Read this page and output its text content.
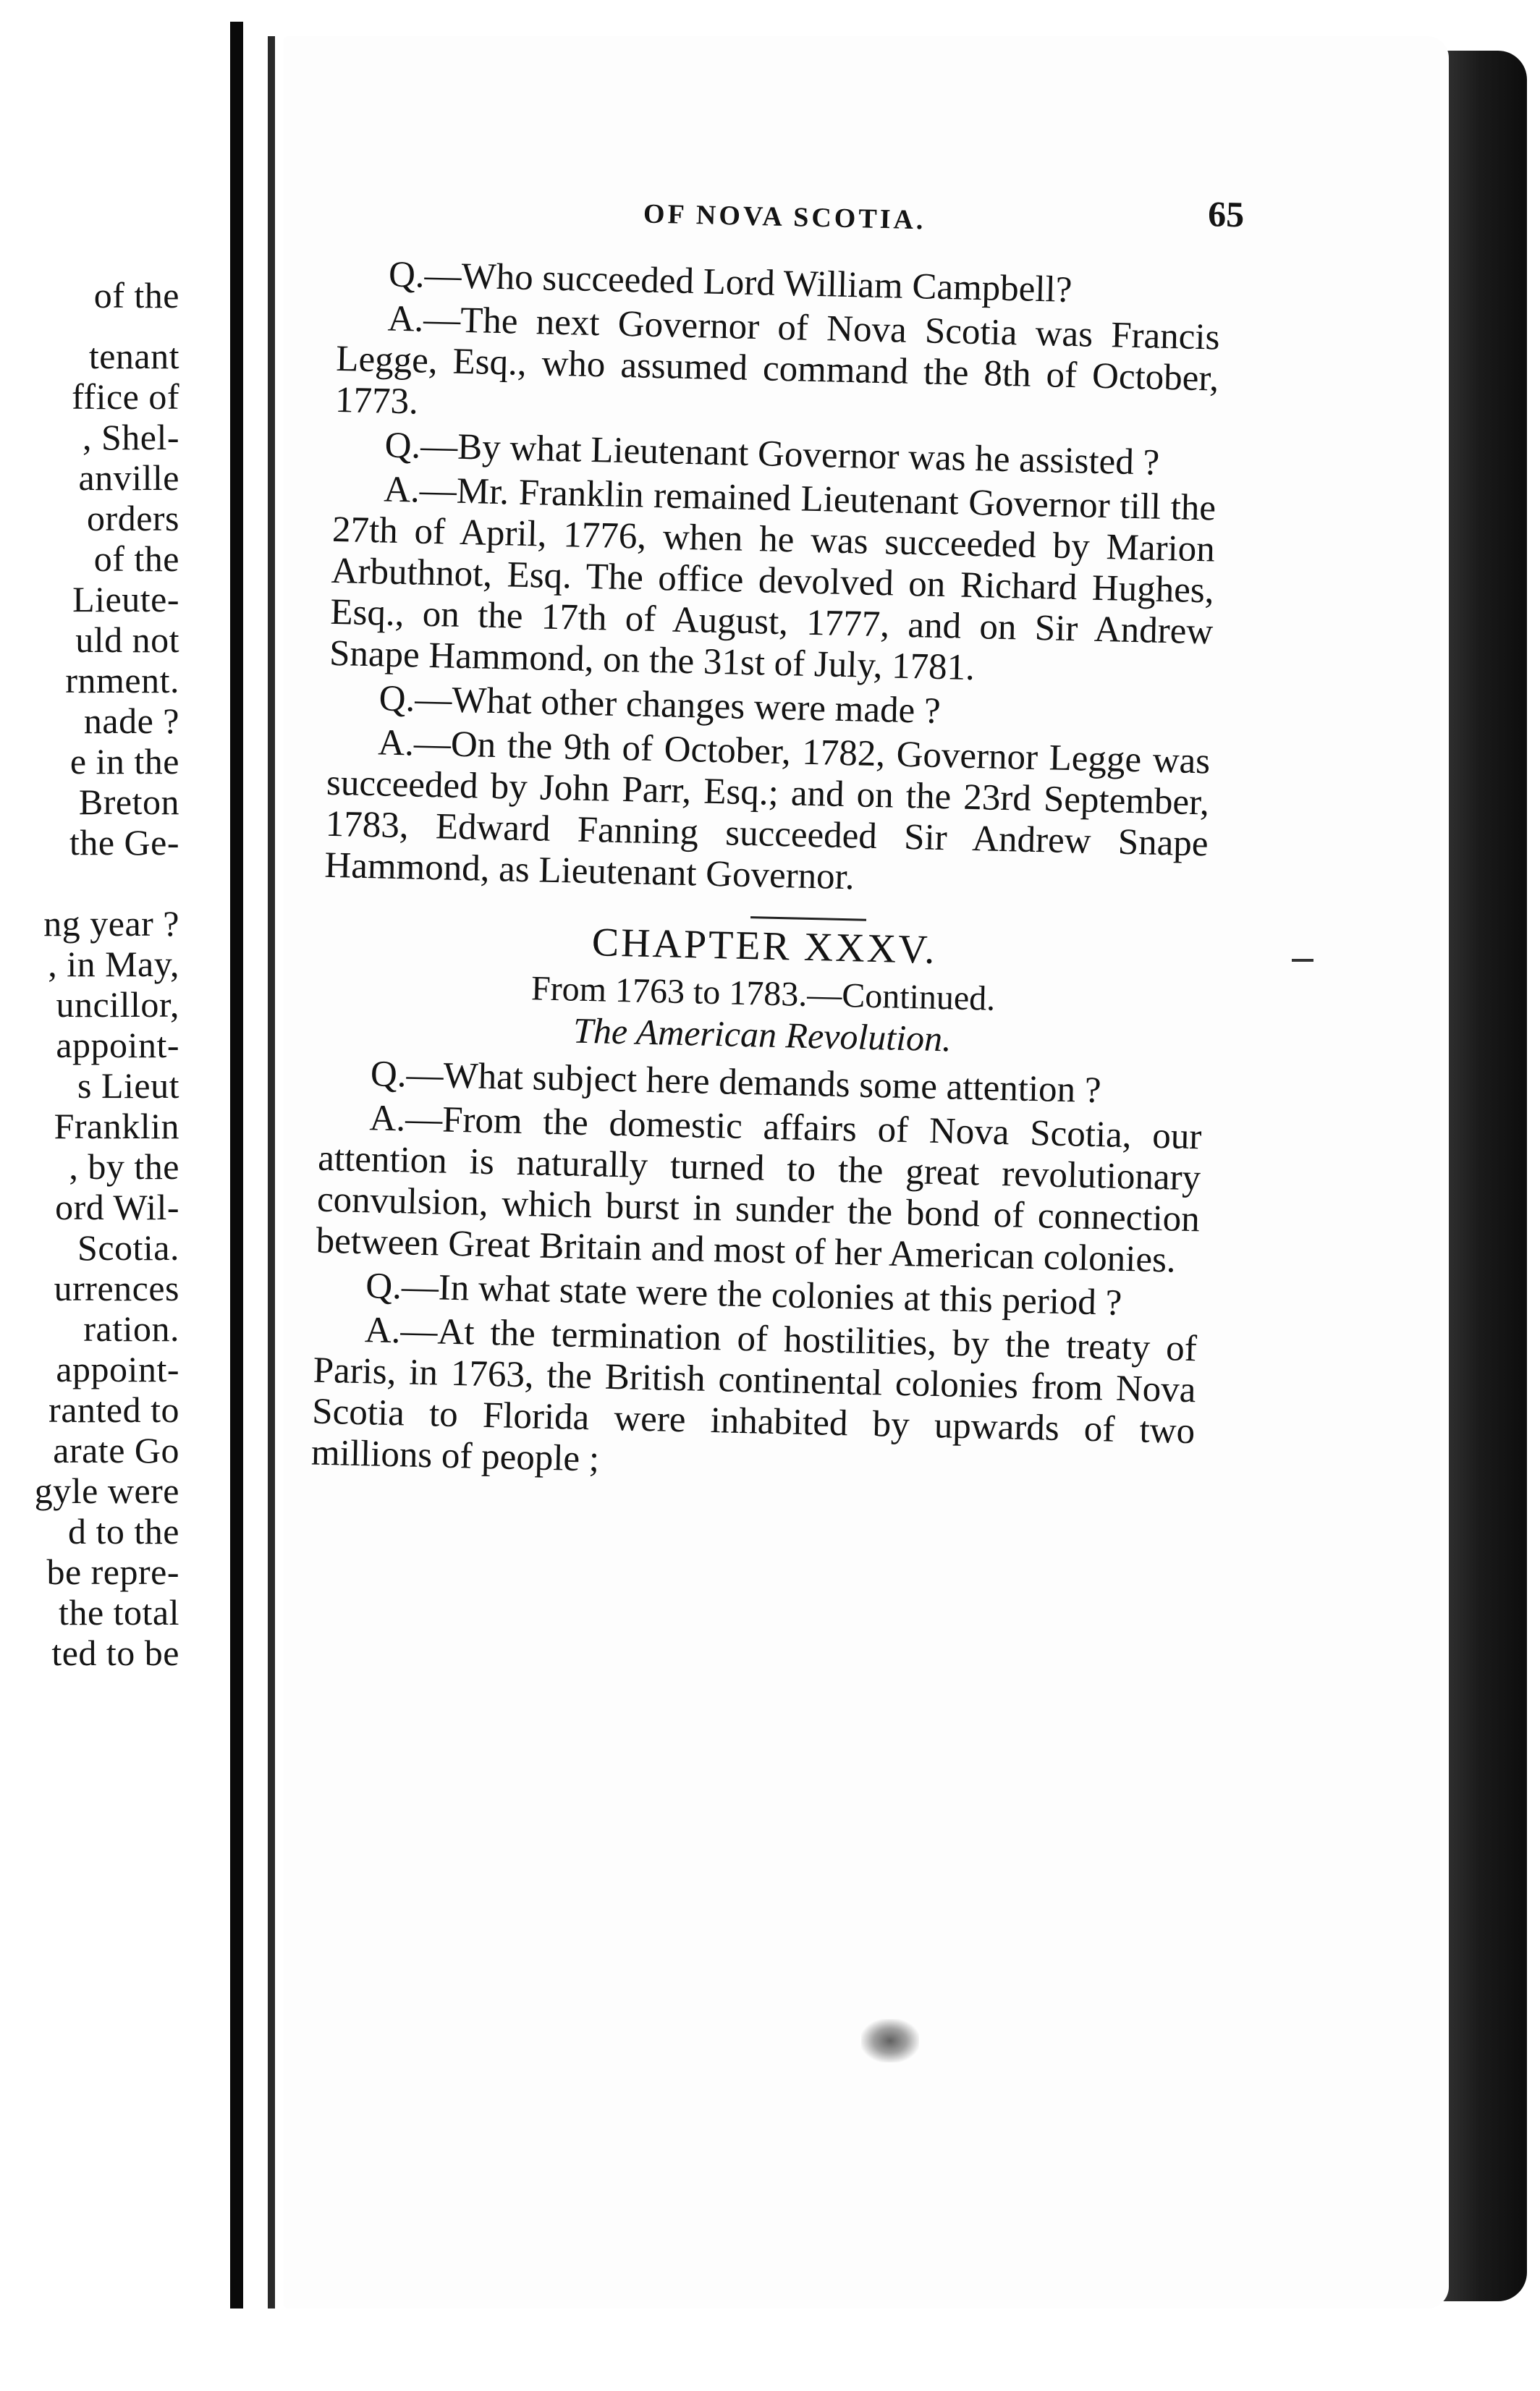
of the
tenant
ffice of
, Shel-
anville
orders
of the
Lieute-
uld not
rnment.
nade ?
e in the
Breton
the Ge-
ng year ?
, in May,
uncillor,
appoint-
s Lieut
Franklin
, by the
ord Wil-
Scotia.
urrences
ration.
appoint-
ranted to
arate Go
gyle were
d to the
be repre-
the total
ted to be
OF NOVA SCOTIA.	65

Q.—Who succeeded Lord William Campbell?

A.—The next Governor of Nova Scotia was Francis Legge, Esq., who assumed command the 8th of October, 1773.

Q.—By what Lieutenant Governor was he assisted ?

A.—Mr. Franklin remained Lieutenant Governor till the 27th of April, 1776, when he was succeeded by Marion Arbuthnot, Esq. The office devolved on Richard Hughes, Esq., on the 17th of August, 1777, and on Sir Andrew Snape Hammond, on the 31st of July, 1781.

Q.—What other changes were made ?

A.—On the 9th of October, 1782, Governor Legge was succeeded by John Parr, Esq.; and on the 23rd September, 1783, Edward Fanning succeeded Sir Andrew Snape Hammond, as Lieutenant Governor.

CHAPTER XXXV.
From 1763 to 1783.—Continued.
The American Revolution.

Q.—What subject here demands some attention ?

A.—From the domestic affairs of Nova Scotia, our attention is naturally turned to the great revolutionary convulsion, which burst in sunder the bond of connection between Great Britain and most of her American colonies.

Q.—In what state were the colonies at this period ?

A.—At the termination of hostilities, by the treaty of Paris, in 1763, the British continental colonies from Nova Scotia to Florida were inhabited by upwards of two millions of people ;
